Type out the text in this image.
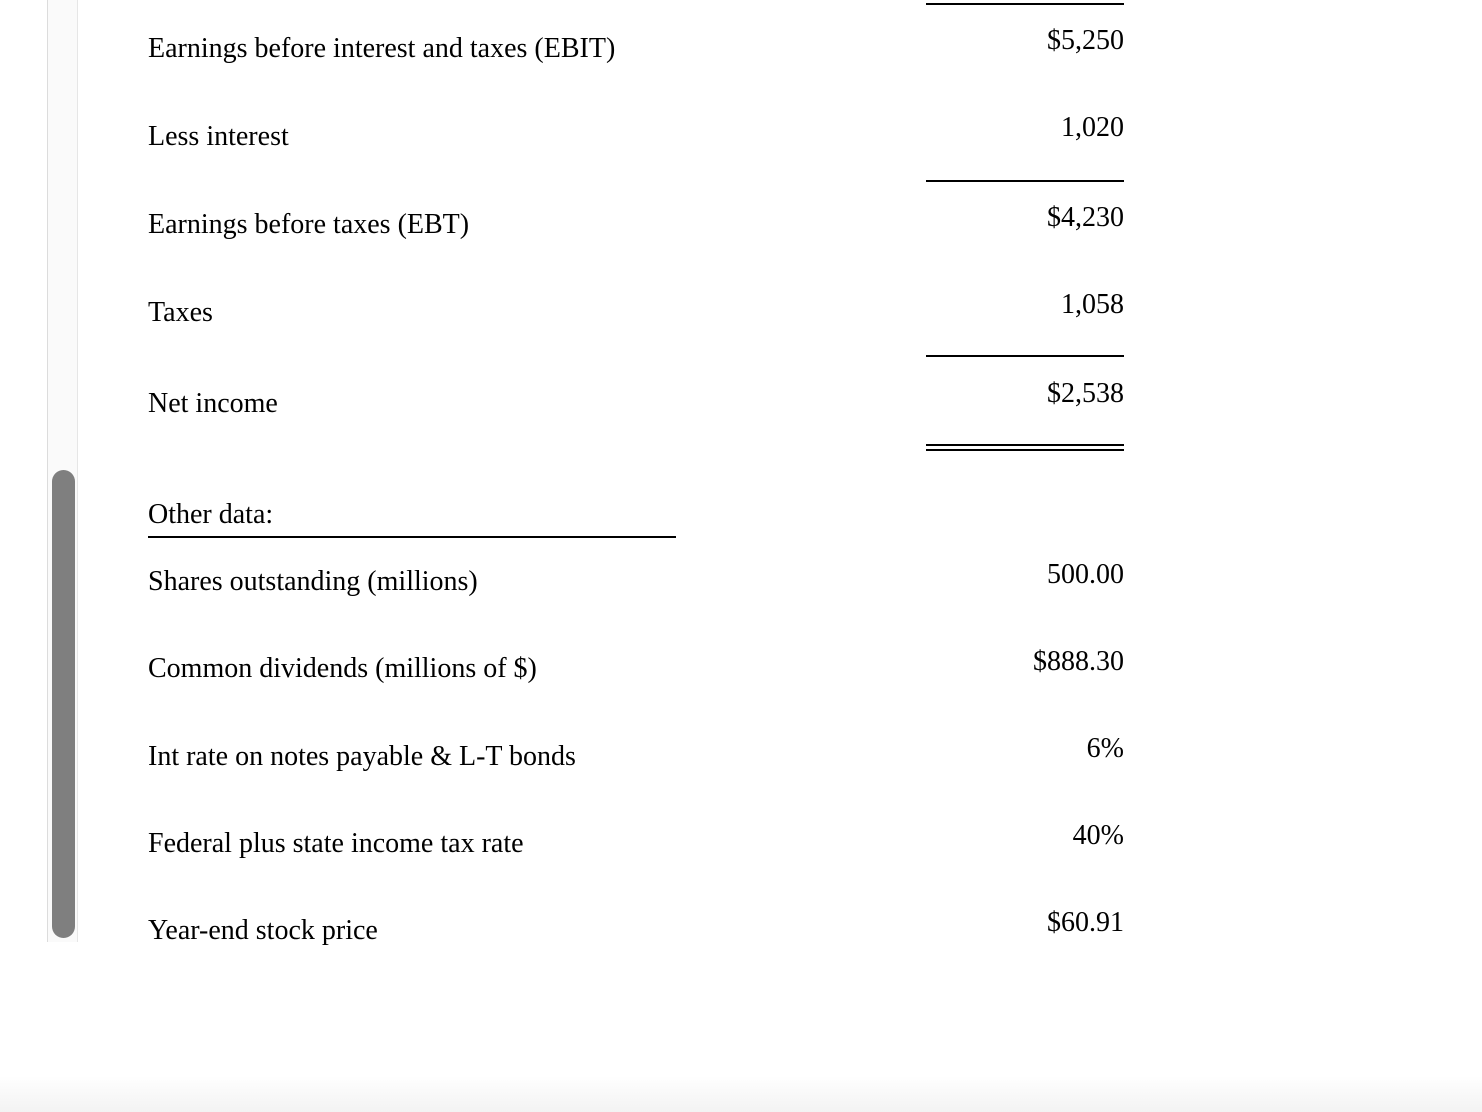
Earnings before interest and taxes (EBIT)	$5,250
Less interest	1,020
Earnings before taxes (EBT)	$4,230
Taxes	1,058
Net income	$2,538
Other data:
Shares outstanding (millions)	500.00
Common dividends (millions of $)	$888.30
Int rate on notes payable & L-T bonds	6%
Federal plus state income tax rate	40%
Year-end stock price	$60.91
